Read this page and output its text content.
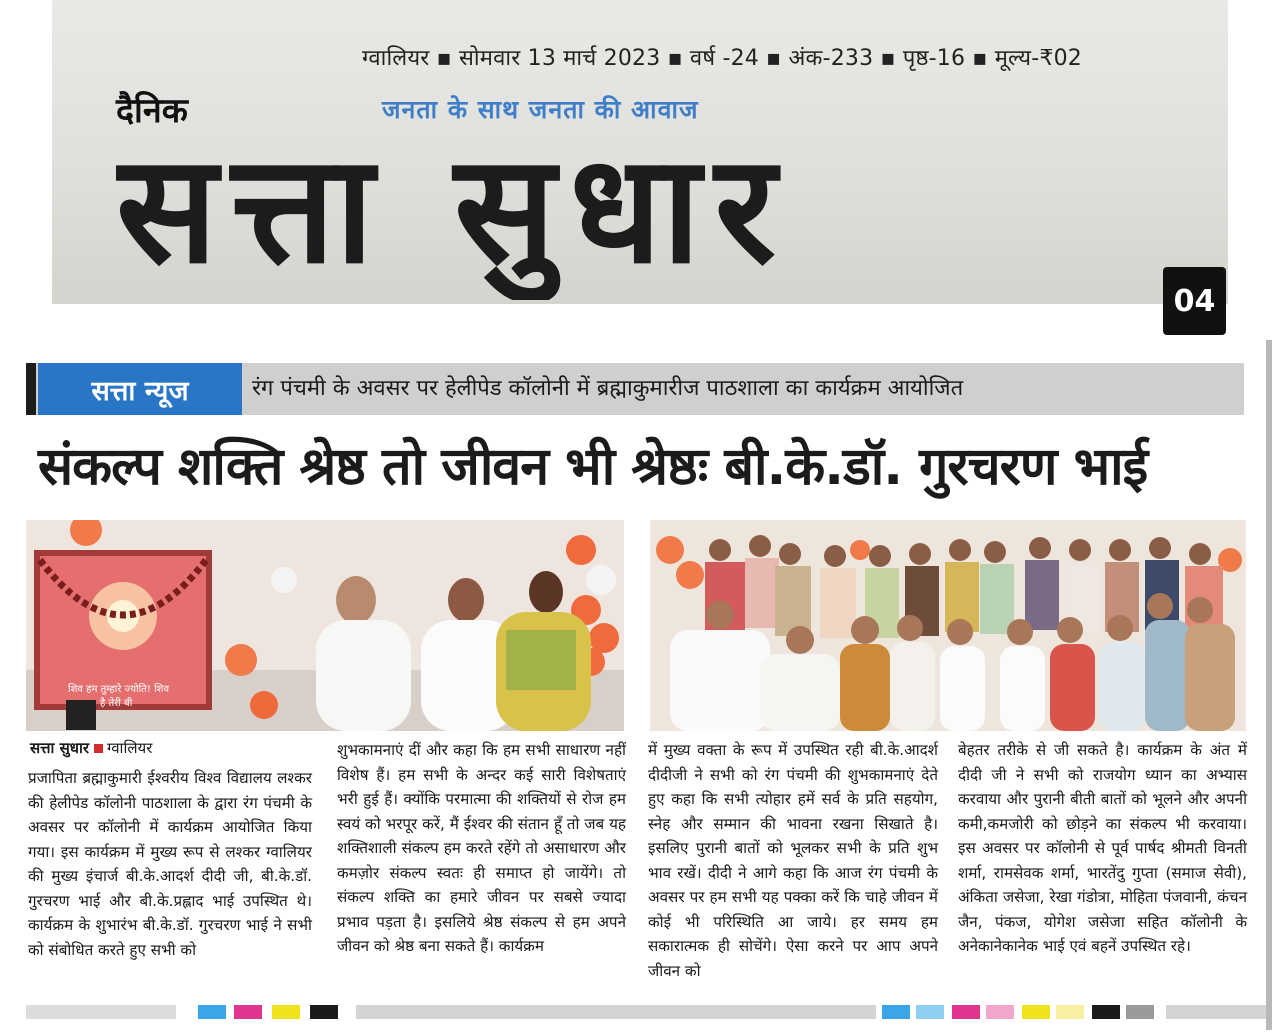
ग्वालियर ▪ सोमवार 13 मार्च 2023 ▪ वर्ष -24 ▪ अंक-233 ▪ पृष्ठ-16 ▪ मूल्य-₹02
दैनिक	जनता के साथ जनता की आवाज
सत्ता सुधार
04
सत्ता न्यूज	रंग पंचमी के अवसर पर हेलीपेड कॉलोनी में ब्रह्माकुमारीज पाठशाला का कार्यक्रम आयोजित
संकल्प शक्ति श्रेष्ठ तो जीवन भी श्रेष्ठः बी.के.डॉ. गुरचरण भाई
शिव हम तुम्हारे ज्योति! शिव
है तेरी बी
सत्ता सुधार ग्वालियर
प्रजापिता ब्रह्माकुमारी ईश्वरीय विश्व विद्यालय लश्कर की हेलीपेड कॉलोनी पाठशाला के द्वारा रंग पंचमी के अवसर पर कॉलोनी में कार्यक्रम आयोजित किया गया। इस कार्यक्रम में मुख्य रूप से लश्कर ग्वालियर की मुख्य इंचार्ज बी.के.आदर्श दीदी जी, बी.के.डॉ. गुरचरण भाई और बी.के.प्रह्लाद भाई उपस्थित थे। कार्यक्रम के शुभारंभ बी.के.डॉ. गुरचरण भाई ने सभी को संबोधित करते हुए सभी को
शुभकामनाएं दीं और कहा कि हम सभी साधारण नहीं विशेष हैं। हम सभी के अन्दर कई सारी विशेषताएं भरी हुई हैं। क्योंकि परमात्मा की शक्तियों से रोज हम स्वयं को भरपूर करें, मैं ईश्वर की संतान हूँ तो जब यह शक्तिशाली संकल्प हम करते रहेंगे तो असाधारण और कमज़ोर संकल्प स्वतः ही समाप्त हो जायेंगे। तो संकल्प शक्ति का हमारे जीवन पर सबसे ज्यादा प्रभाव पड़ता है। इसलिये श्रेष्ठ संकल्प से हम अपने जीवन को श्रेष्ठ बना सकते हैं। कार्यक्रम
में मुख्य वक्ता के रूप में उपस्थित रही बी.के.आदर्श दीदीजी ने सभी को रंग पंचमी की शुभकामनाएं देते हुए कहा कि सभी त्योहार हमें सर्व के प्रति सहयोग, स्नेह और सम्मान की भावना रखना सिखाते है। इसलिए पुरानी बातों को भूलकर सभी के प्रति शुभ भाव रखें। दीदी ने आगे कहा कि आज रंग पंचमी के अवसर पर हम सभी यह पक्का करें कि चाहे जीवन में कोई भी परिस्थिति आ जाये। हर समय हम सकारात्मक ही सोचेंगे। ऐसा करने पर आप अपने जीवन को
बेहतर तरीके से जी सकते है। कार्यक्रम के अंत में दीदी जी ने सभी को राजयोग ध्यान का अभ्यास करवाया और पुरानी बीती बातों को भूलने और अपनी कमी,कमजोरी को छोड़ने का संकल्प भी करवाया। इस अवसर पर कॉलोनी से पूर्व पार्षद श्रीमती विनती शर्मा, रामसेवक शर्मा, भारतेंदु गुप्ता (समाज सेवी), अंकिता जसेजा, रेखा गंडोत्रा, मोहिता पंजवानी, कंचन जैन, पंकज, योगेश जसेजा सहित कॉलोनी के अनेकानेकानेक भाई एवं बहनें उपस्थित रहे।
